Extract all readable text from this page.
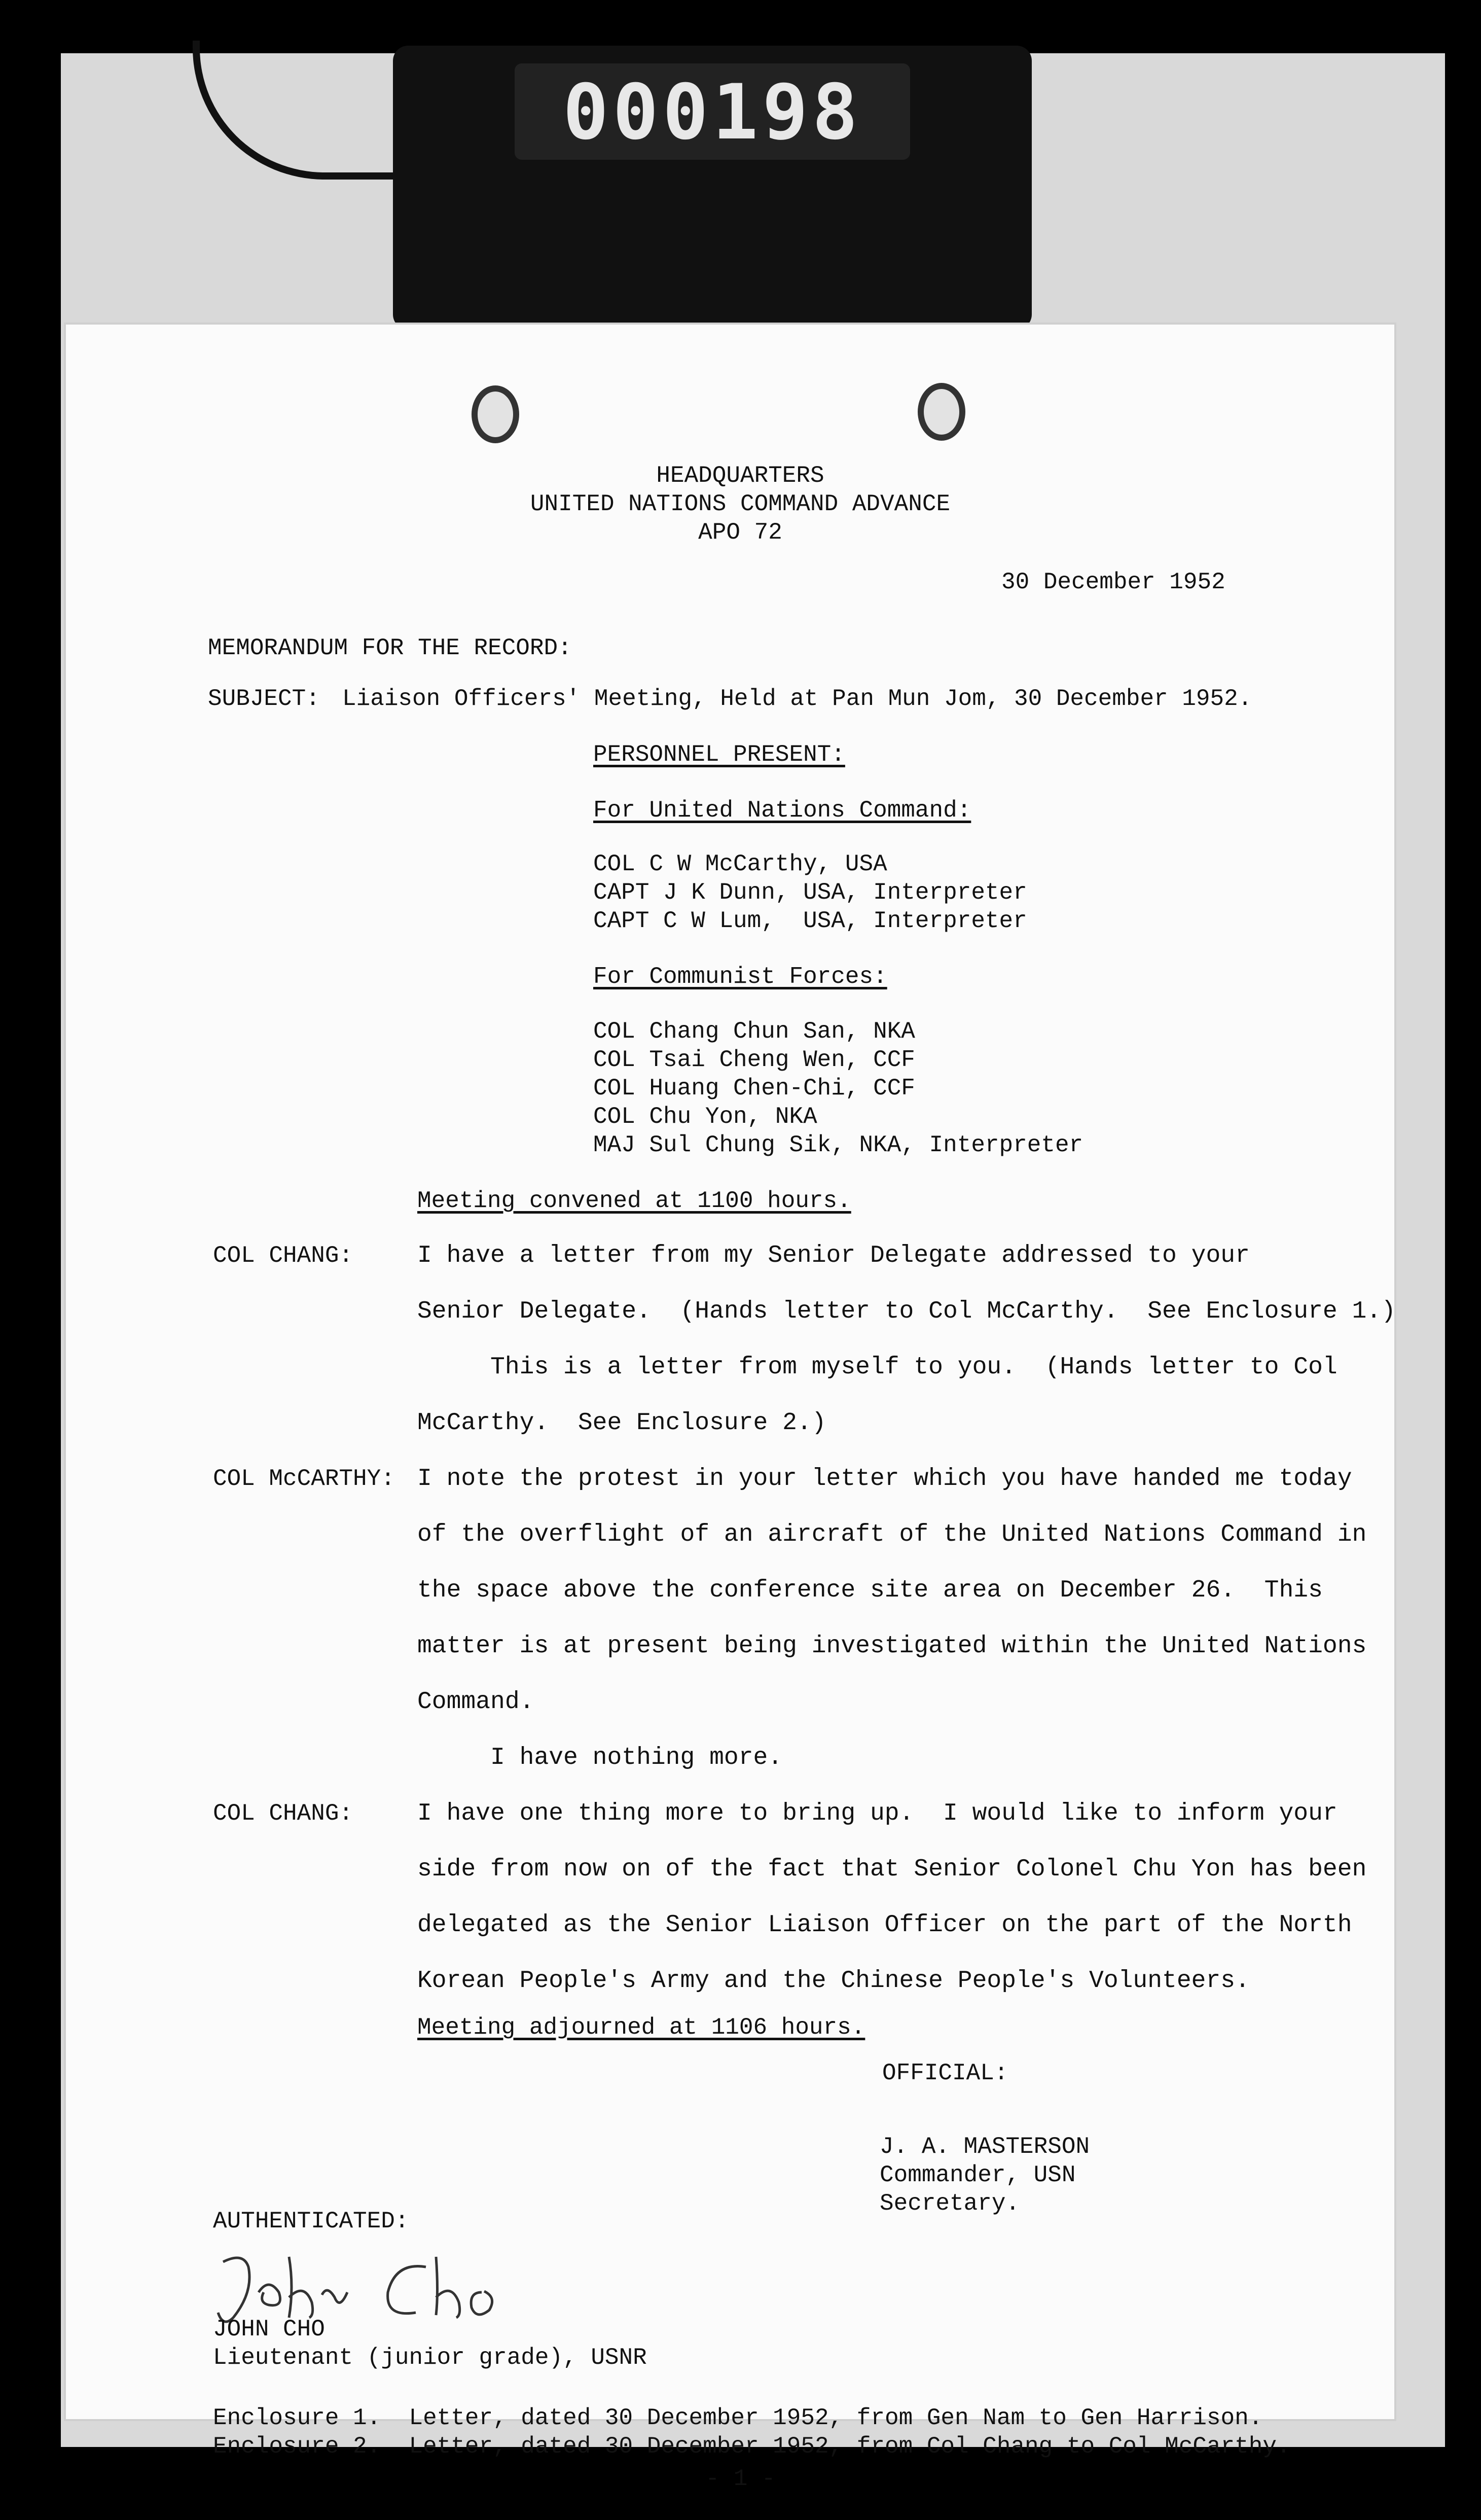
000198
HEADQUARTERS
UNITED NATIONS COMMAND ADVANCE
APO 72
30 December 1952
MEMORANDUM FOR THE RECORD:
SUBJECT: Liaison Officers' Meeting, Held at Pan Mun Jom, 30 December 1952.
PERSONNEL PRESENT:
For United Nations Command:
COL C W McCarthy, USA
CAPT J K Dunn, USA, Interpreter
CAPT C W Lum,  USA, Interpreter
For Communist Forces:
COL Chang Chun San, NKA
COL Tsai Cheng Wen, CCF
COL Huang Chen-Chi, CCF
COL Chu Yon, NKA
MAJ Sul Chung Sik, NKA, Interpreter
Meeting convened at 1100 hours.
COL CHANG:	I have a letter from my Senior Delegate addressed to your
Senior Delegate.  (Hands letter to Col McCarthy.  See Enclosure 1.)
This is a letter from myself to you.  (Hands letter to Col
McCarthy.  See Enclosure 2.)
COL McCARTHY: I note the protest in your letter which you have handed me today
of the overflight of an aircraft of the United Nations Command in
the space above the conference site area on December 26.  This
matter is at present being investigated within the United Nations
Command.
I have nothing more.
COL CHANG:	I have one thing more to bring up.  I would like to inform your
side from now on of the fact that Senior Colonel Chu Yon has been
delegated as the Senior Liaison Officer on the part of the North
Korean People's Army and the Chinese People's Volunteers.
Meeting adjourned at 1106 hours.
OFFICIAL:
J. A. MASTERSON
Commander, USN
Secretary.
AUTHENTICATED:
JOHN CHO
Lieutenant (junior grade), USNR
Enclosure 1.  Letter, dated 30 December 1952, from Gen Nam to Gen Harrison.
Enclosure 2.  Letter, dated 30 December 1952, from Col Chang to Col McCarthy.
- 1 -
